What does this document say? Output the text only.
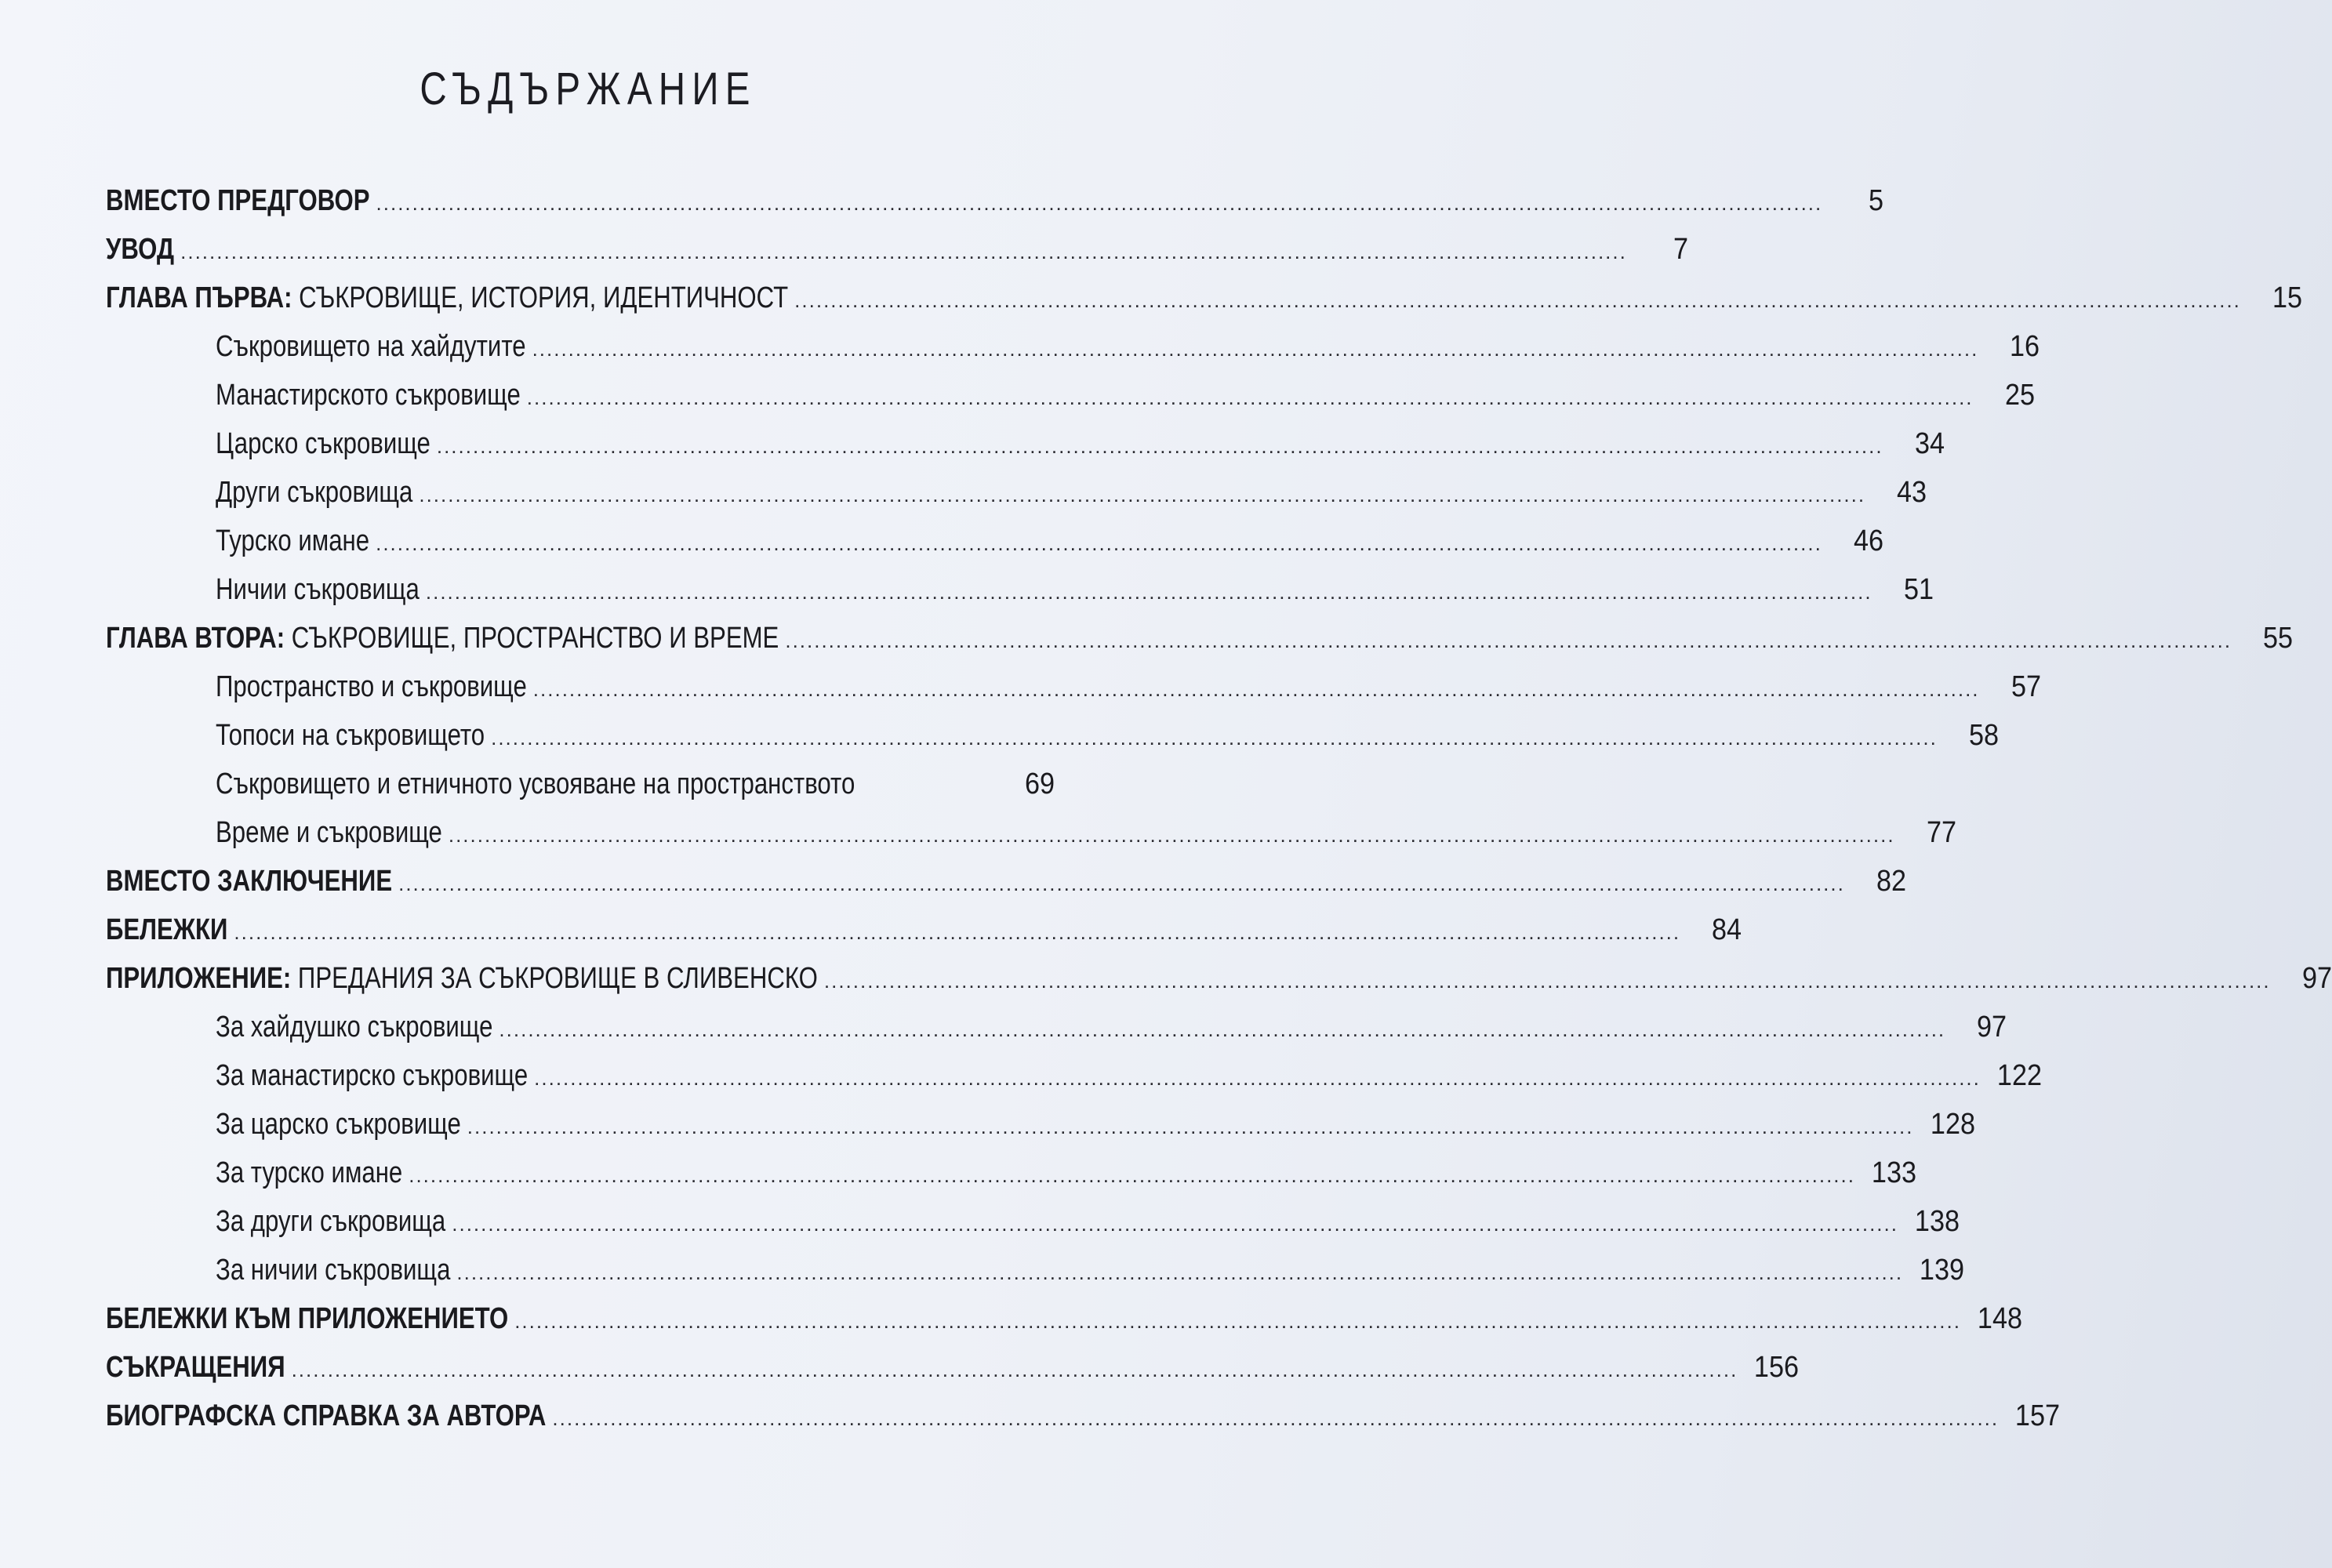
СЪДЪРЖАНИЕ
ВМЕСТО ПРЕДГОВОР ........................................................................................................................................................................................................	5
УВОД ........................................................................................................................................................................................................	7
ГЛАВА ПЪРВА: СЪКРОВИЩЕ, ИСТОРИЯ, ИДЕНТИЧНОСТ ........................................................................................................................................................................................................	15
Съкровището на хайдутите ........................................................................................................................................................................................................	16
Манастирското съкровище ........................................................................................................................................................................................................	25
Царско съкровище ........................................................................................................................................................................................................	34
Други съкровища ........................................................................................................................................................................................................	43
Турско имане ........................................................................................................................................................................................................	46
Ничии съкровища ........................................................................................................................................................................................................	51
ГЛАВА ВТОРА: СЪКРОВИЩЕ, ПРОСТРАНСТВО И ВРЕМЕ ........................................................................................................................................................................................................	55
Пространство и съкровище ........................................................................................................................................................................................................	57
Топоси на съкровището ........................................................................................................................................................................................................	58
Съкровището и етничното усвояване на пространството	69
Време и съкровище ........................................................................................................................................................................................................	77
ВМЕСТО ЗАКЛЮЧЕНИЕ ........................................................................................................................................................................................................	82
БЕЛЕЖКИ ........................................................................................................................................................................................................	84
ПРИЛОЖЕНИЕ: ПРЕДАНИЯ ЗА СЪКРОВИЩЕ В СЛИВЕНСКО ........................................................................................................................................................................................................	97
За хайдушко съкровище ........................................................................................................................................................................................................	97
За манастирско съкровище ........................................................................................................................................................................................................ 122
За царско съкровище ........................................................................................................................................................................................................ 128
За турско имане ........................................................................................................................................................................................................ 133
За други съкровища ........................................................................................................................................................................................................ 138
За ничии съкровища ........................................................................................................................................................................................................ 139
БЕЛЕЖКИ КЪМ ПРИЛОЖЕНИЕТО ........................................................................................................................................................................................................ 148
СЪКРАЩЕНИЯ ........................................................................................................................................................................................................ 156
БИОГРАФСКА СПРАВКА ЗА АВТОРА ........................................................................................................................................................................................................ 157
